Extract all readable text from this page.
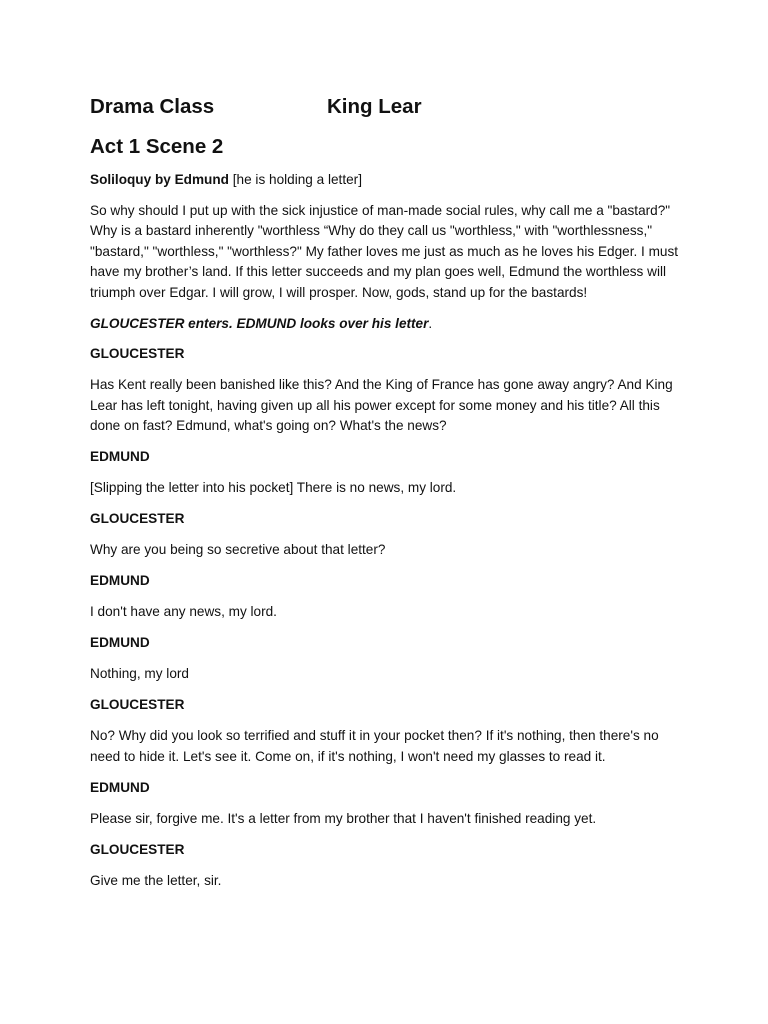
Drama Class	King Lear
Act 1 Scene 2

Soliloquy by Edmund [he is holding a letter]

So why should I put up with the sick injustice of man-made social rules, why call me a "bastard?" Why is a bastard inherently "worthless “Why do they call us "worthless," with "worthlessness," "bastard," "worthless," "worthless?" My father loves me just as much as he loves his Edger. I must have my brother’s land. If this letter succeeds and my plan goes well, Edmund the worthless will triumph over Edgar. I will grow, I will prosper. Now, gods, stand up for the bastards!

GLOUCESTER enters. EDMUND looks over his letter.

GLOUCESTER

Has Kent really been banished like this? And the King of France has gone away angry? And King Lear has left tonight, having given up all his power except for some money and his title? All this done on fast? Edmund, what's going on? What's the news?

EDMUND

[Slipping the letter into his pocket] There is no news, my lord.

GLOUCESTER

Why are you being so secretive about that letter?

EDMUND

I don't have any news, my lord.

EDMUND

Nothing, my lord

GLOUCESTER

No? Why did you look so terrified and stuff it in your pocket then? If it's nothing, then there's no need to hide it. Let's see it. Come on, if it's nothing, I won't need my glasses to read it.

EDMUND

Please sir, forgive me. It's a letter from my brother that I haven't finished reading yet.

GLOUCESTER

Give me the letter, sir.
